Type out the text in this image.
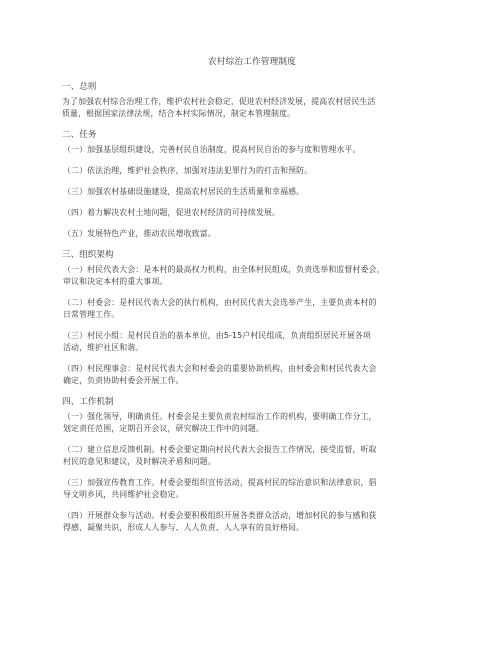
农村综治工作管理制度
一、总则
为了加强农村综合治理工作，维护农村社会稳定，促进农村经济发展，提高农村居民生活
质量，根据国家法律法规，结合本村实际情况，制定本管理制度。
二、任务
（一）加强基层组织建设，完善村民自治制度，提高村民自治的参与度和管理水平。
（二）依法治理，维护社会秩序，加强对违法犯罪行为的打击和预防。
（三）加强农村基础设施建设，提高农村居民的生活质量和幸福感。
（四）着力解决农村土地问题，促进农村经济的可持续发展。
（五）发展特色产业，推动农民增收致富。
三、组织架构
（一）村民代表大会：是本村的最高权力机构，由全体村民组成，负责选举和监督村委会，
审议和决定本村的重大事项。
（二）村委会：是村民代表大会的执行机构，由村民代表大会选举产生，主要负责本村的
日常管理工作。
（三）村民小组：是村民自治的基本单位，由5-15户村民组成，负责组织居民开展各项
活动，维护社区和谐。
（四）村民理事会：是村民代表大会和村委会的重要协助机构，由村委会和村民代表大会
确定，负责协助村委会开展工作。
四、工作机制
（一）强化领导，明确责任。村委会是主要负责农村综治工作的机构，要明确工作分工，
划定责任范围，定期召开会议，研究解决工作中的问题。
（二）建立信息反馈机制。村委会要定期向村民代表大会报告工作情况，接受监督，听取
村民的意见和建议，及时解决矛盾和问题。
（三）加强宣传教育工作。村委会要组织宣传活动，提高村民的综治意识和法律意识，倡
导文明乡风，共同维护社会稳定。
（四）开展群众参与活动。村委会要积极组织开展各类群众活动，增加村民的参与感和获
得感，凝聚共识，形成人人参与、人人负责、人人享有的良好格局。
